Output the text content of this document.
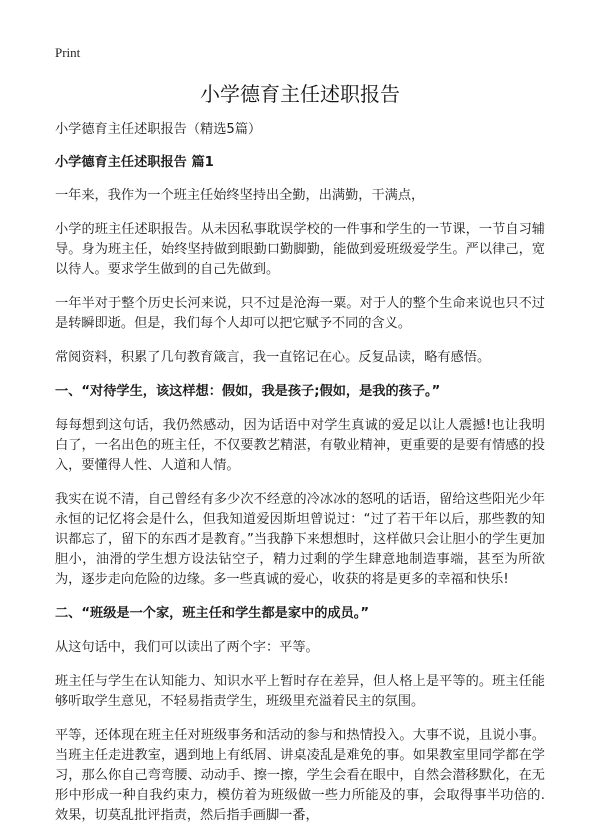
Print
小学德育主任述职报告

小学德育主任述职报告（精选5篇）

小学德育主任述职报告 篇1

一年来，我作为一个班主任始终坚持出全勤，出满勤，干满点，

小学的班主任述职报告。从未因私事耽误学校的一件事和学生的一节课，一节自习辅导。身为班主任，始终坚持做到眼勤口勤脚勤，能做到爱班级爱学生。严以律己，宽以待人。要求学生做到的自己先做到。

一年半对于整个历史长河来说，只不过是沧海一粟。对于人的整个生命来说也只不过是转瞬即逝。但是，我们每个人却可以把它赋予不同的含义。

常阅资料，积累了几句教育箴言，我一直铭记在心。反复品读，略有感悟。

一、“对待学生，该这样想：假如，我是孩子;假如，是我的孩子。”

每每想到这句话，我仍然感动，因为话语中对学生真诚的爱足以让人震撼!也让我明白了，一名出色的班主任，不仅要教艺精湛，有敬业精神，更重要的是要有情感的投入，要懂得人性、人道和人情。

我实在说不清，自己曾经有多少次不经意的冷冰冰的怒吼的话语，留给这些阳光少年永恒的记忆将会是什么，但我知道爱因斯坦曾说过：“过了若干年以后，那些教的知识都忘了，留下的东西才是教育。”当我静下来想想时，这样做只会让胆小的学生更加胆小，油滑的学生想方设法钻空子，精力过剩的学生肆意地制造事端，甚至为所欲为，逐步走向危险的边缘。多一些真诚的爱心，收获的将是更多的幸福和快乐!

二、“班级是一个家，班主任和学生都是家中的成员。”

从这句话中，我们可以读出了两个字：平等。

班主任与学生在认知能力、知识水平上暂时存在差异，但人格上是平等的。班主任能够听取学生意见，不轻易指责学生，班级里充溢着民主的氛围。

平等，还体现在班主任对班级事务和活动的参与和热情投入。大事不说，且说小事。当班主任走进教室，遇到地上有纸屑、讲桌凌乱是难免的事。如果教室里同学都在学习，那么你自己弯弯腰、动动手、擦一擦，学生会看在眼中，自然会潜移默化，在无形中形成一种自我约束力，模仿着为班级做一些力所能及的事，会取得事半功倍的.效果，切莫乱批评指责，然后指手画脚一番，
